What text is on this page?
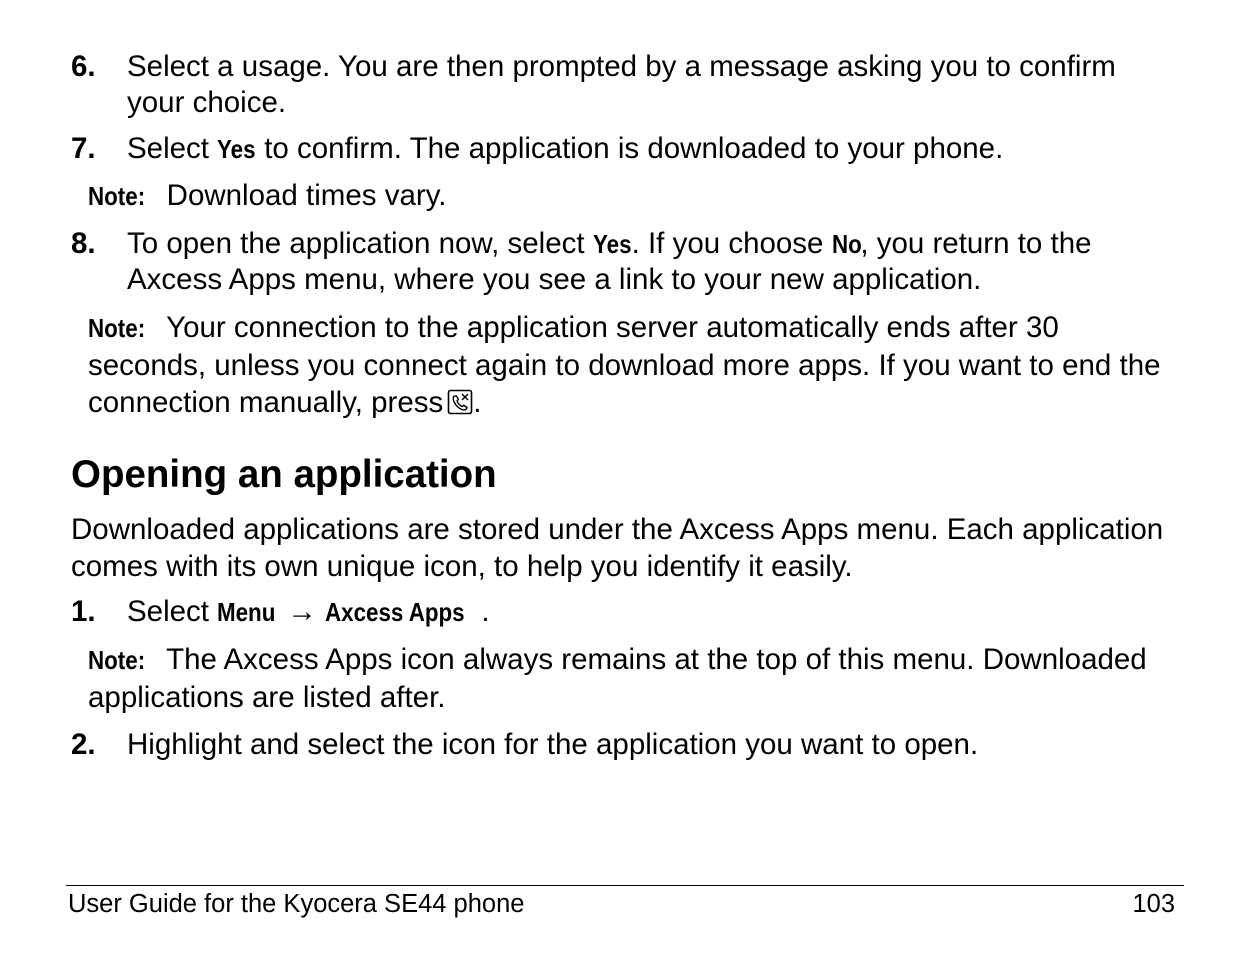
6. Select a usage. You are then prompted by a message asking you to confirm your choice.
7. Select Yes to confirm. The application is downloaded to your phone.
Note: Download times vary.
8. To open the application now, select Yes. If you choose No, you return to the Axcess Apps menu, where you see a link to your new application.
Note: Your connection to the application server automatically ends after 30 seconds, unless you connect again to download more apps. If you want to end the connection manually, press .
Opening an application
Downloaded applications are stored under the Axcess Apps menu. Each application comes with its own unique icon, to help you identify it easily.
1. Select Menu → Axcess Apps .
Note: The Axcess Apps icon always remains at the top of this menu. Downloaded applications are listed after.
2. Highlight and select the icon for the application you want to open.
User Guide for the Kyocera SE44 phone	103
